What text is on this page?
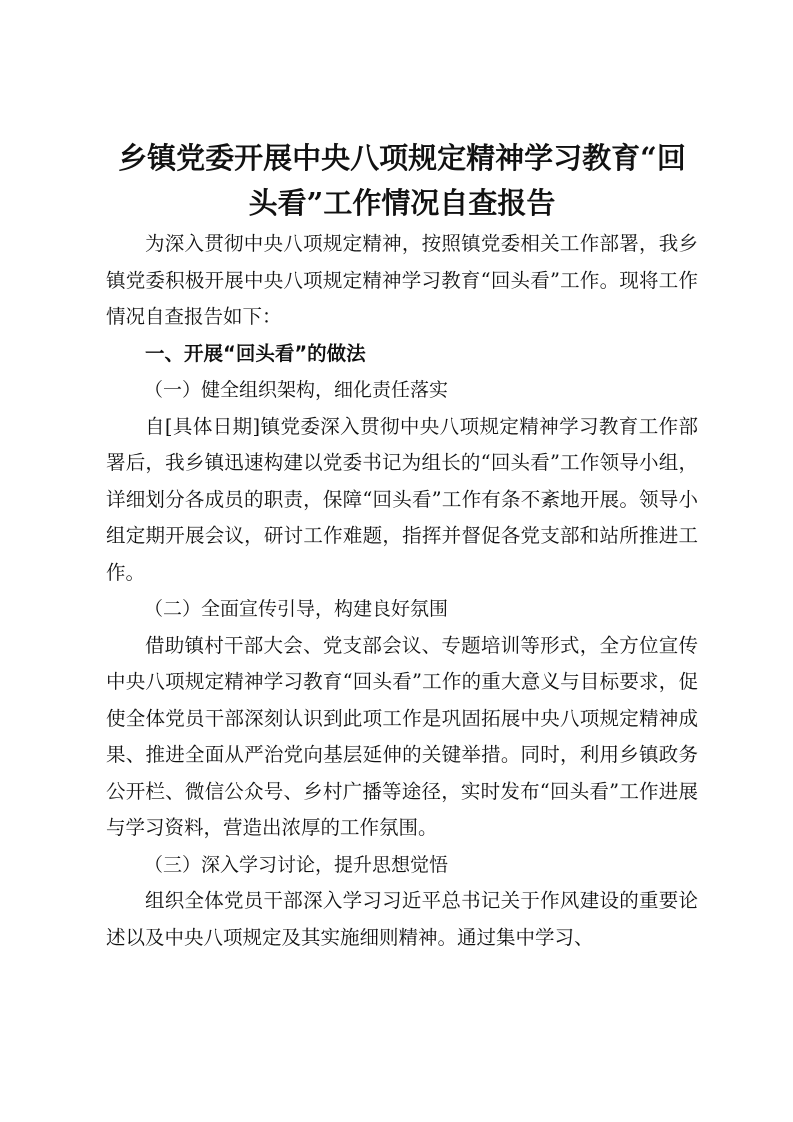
乡镇党委开展中央八项规定精神学习教育“回头看”工作情况自查报告

为深入贯彻中央八项规定精神，按照镇党委相关工作部署，我乡镇党委积极开展中央八项规定精神学习教育“回头看”工作。现将工作情况自查报告如下：

一、开展“回头看”的做法

（一）健全组织架构，细化责任落实

自[具体日期]镇党委深入贯彻中央八项规定精神学习教育工作部署后，我乡镇迅速构建以党委书记为组长的“回头看”工作领导小组，详细划分各成员的职责，保障“回头看”工作有条不紊地开展。领导小组定期开展会议，研讨工作难题，指挥并督促各党支部和站所推进工作。

（二）全面宣传引导，构建良好氛围

借助镇村干部大会、党支部会议、专题培训等形式，全方位宣传中央八项规定精神学习教育“回头看”工作的重大意义与目标要求，促使全体党员干部深刻认识到此项工作是巩固拓展中央八项规定精神成果、推进全面从严治党向基层延伸的关键举措。同时，利用乡镇政务公开栏、微信公众号、乡村广播等途径，实时发布“回头看”工作进展与学习资料，营造出浓厚的工作氛围。

（三）深入学习讨论，提升思想觉悟

组织全体党员干部深入学习习近平总书记关于作风建设的重要论述以及中央八项规定及其实施细则精神。通过集中学习、
